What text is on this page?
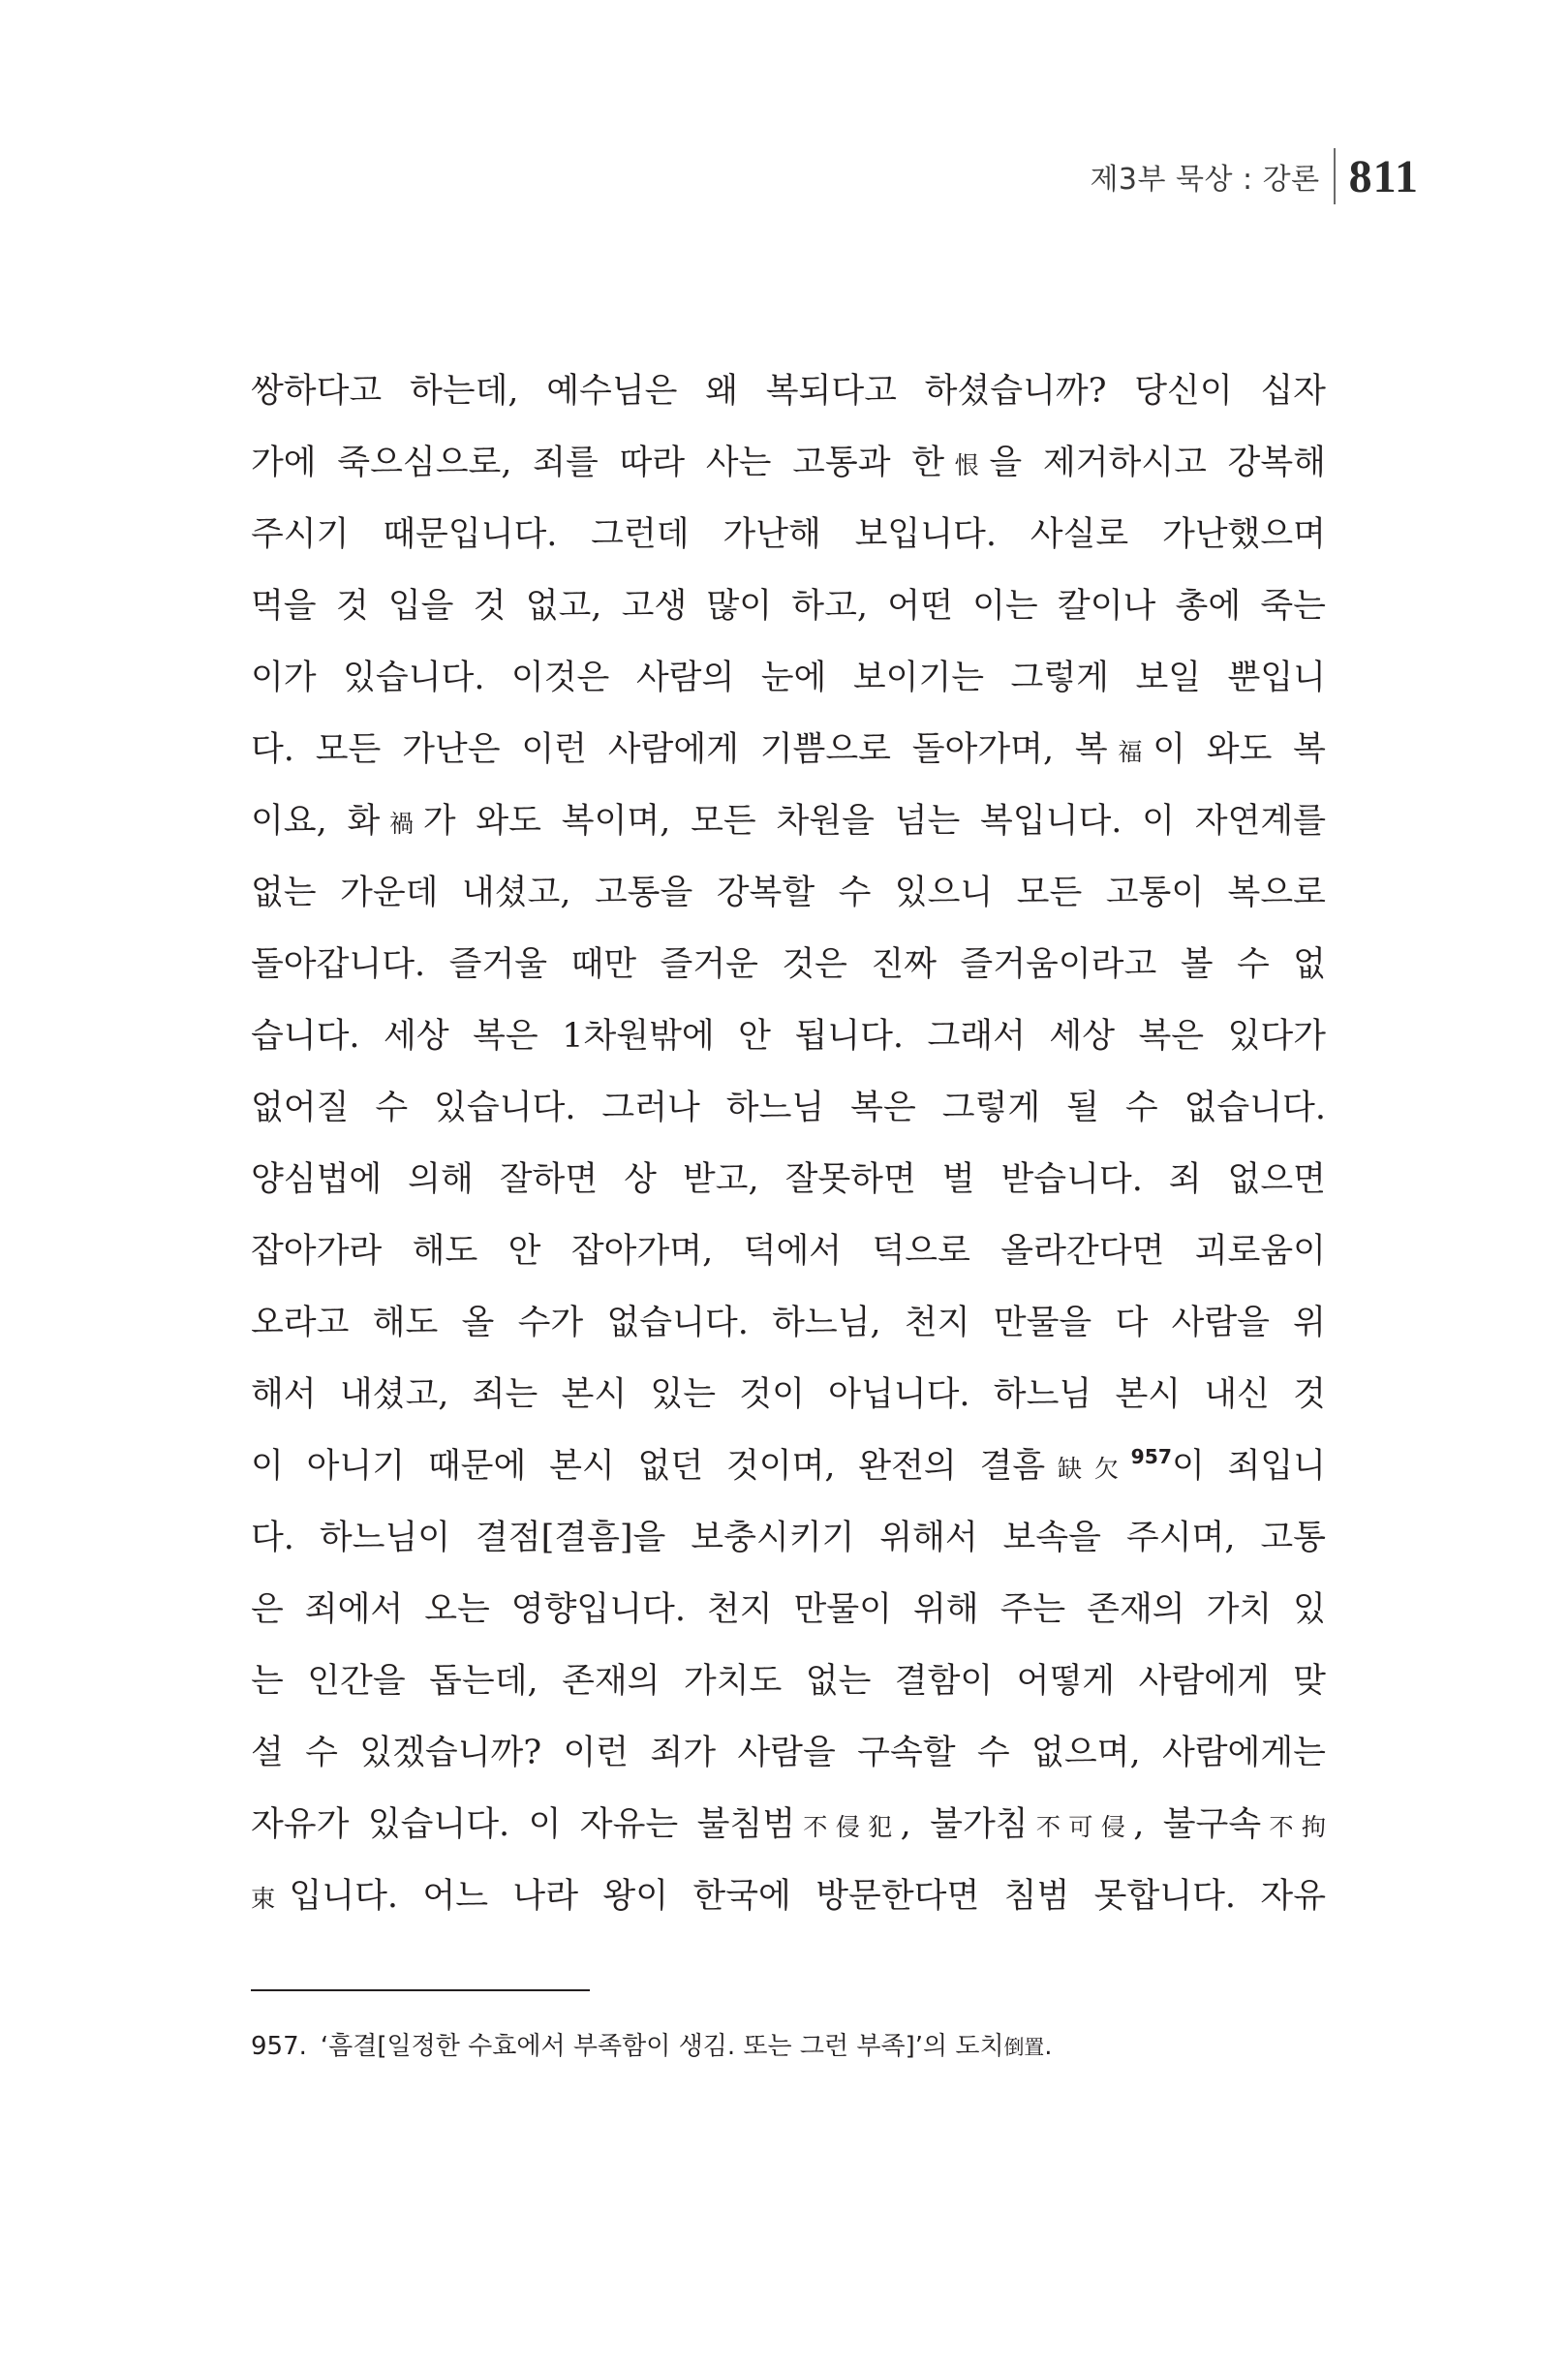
제3부 묵상 : 강론 811
쌍하다고 하는데, 예수님은 왜 복되다고 하셨습니까? 당신이 십자
가에 죽으심으로, 죄를 따라 사는 고통과 한恨을 제거하시고 강복해
주시기 때문입니다. 그런데 가난해 보입니다. 사실로 가난했으며
먹을 것 입을 것 없고, 고생 많이 하고, 어떤 이는 칼이나 총에 죽는
이가 있습니다. 이것은 사람의 눈에 보이기는 그렇게 보일 뿐입니
다. 모든 가난은 이런 사람에게 기쁨으로 돌아가며, 복福이 와도 복
이요, 화禍가 와도 복이며, 모든 차원을 넘는 복입니다. 이 자연계를
없는 가운데 내셨고, 고통을 강복할 수 있으니 모든 고통이 복으로
돌아갑니다. 즐거울 때만 즐거운 것은 진짜 즐거움이라고 볼 수 없
습니다. 세상 복은 1차원밖에 안 됩니다. 그래서 세상 복은 있다가
없어질 수 있습니다. 그러나 하느님 복은 그렇게 될 수 없습니다.
양심법에 의해 잘하면 상 받고, 잘못하면 벌 받습니다. 죄 없으면
잡아가라 해도 안 잡아가며, 덕에서 덕으로 올라간다면 괴로움이
오라고 해도 올 수가 없습니다. 하느님, 천지 만물을 다 사람을 위
해서 내셨고, 죄는 본시 있는 것이 아닙니다. 하느님 본시 내신 것
이 아니기 때문에 본시 없던 것이며, 완전의 결흠缺欠$^{957}$이 죄입니
다. 하느님이 결점[결흠]을 보충시키기 위해서 보속을 주시며, 고통
은 죄에서 오는 영향입니다. 천지 만물이 위해 주는 존재의 가치 있
는 인간을 돕는데, 존재의 가치도 없는 결함이 어떻게 사람에게 맞
설 수 있겠습니까? 이런 죄가 사람을 구속할 수 없으며, 사람에게는
자유가 있습니다. 이 자유는 불침범不侵犯, 불가침不可侵, 불구속不拘
束입니다. 어느 나라 왕이 한국에 방문한다면 침범 못합니다. 자유
957. ‘흠결[일정한 수효에서 부족함이 생김. 또는 그런 부족]’의 도치倒置.
